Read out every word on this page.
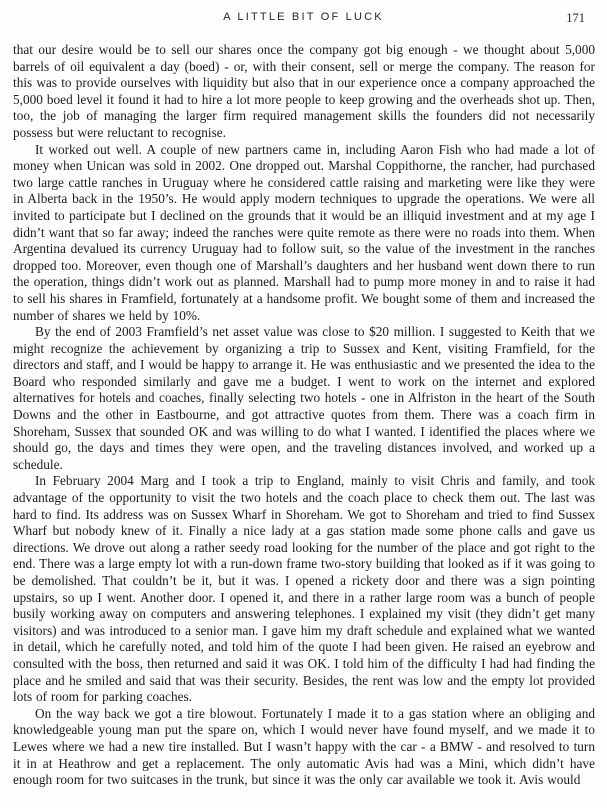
A LITTLE BIT OF LUCK	171

that our desire would be to sell our shares once the company got big enough - we thought about 5,000 barrels of oil equivalent a day (boed) - or, with their consent, sell or merge the company. The reason for this was to provide ourselves with liquidity but also that in our experience once a company approached the 5,000 boed level it found it had to hire a lot more people to keep growing and the overheads shot up. Then, too, the job of managing the larger firm required management skills the founders did not necessarily possess but were reluctant to recognise.

It worked out well. A couple of new partners came in, including Aaron Fish who had made a lot of money when Unican was sold in 2002. One dropped out. Marshal Coppithorne, the rancher, had purchased two large cattle ranches in Uruguay where he considered cattle raising and marketing were like they were in Alberta back in the 1950’s. He would apply modern techniques to upgrade the operations. We were all invited to participate but I declined on the grounds that it would be an illiquid investment and at my age I didn’t want that so far away; indeed the ranches were quite remote as there were no roads into them. When Argentina devalued its currency Uruguay had to follow suit, so the value of the investment in the ranches dropped too. Moreover, even though one of Marshall’s daughters and her husband went down there to run the operation, things didn’t work out as planned. Marshall had to pump more money in and to raise it had to sell his shares in Framfield, fortunately at a handsome profit. We bought some of them and increased the number of shares we held by 10%.

By the end of 2003 Framfield’s net asset value was close to $20 million. I suggested to Keith that we might recognize the achievement by organizing a trip to Sussex and Kent, visiting Framfield, for the directors and staff, and I would be happy to arrange it. He was enthusiastic and we presented the idea to the Board who responded similarly and gave me a budget. I went to work on the internet and explored alternatives for hotels and coaches, finally selecting two hotels - one in Alfriston in the heart of the South Downs and the other in Eastbourne, and got attractive quotes from them. There was a coach firm in Shoreham, Sussex that sounded OK and was willing to do what I wanted. I identified the places where we should go, the days and times they were open, and the traveling distances involved, and worked up a schedule.

In February 2004 Marg and I took a trip to England, mainly to visit Chris and family, and took advantage of the opportunity to visit the two hotels and the coach place to check them out. The last was hard to find. Its address was on Sussex Wharf in Shoreham. We got to Shoreham and tried to find Sussex Wharf but nobody knew of it. Finally a nice lady at a gas station made some phone calls and gave us directions. We drove out along a rather seedy road looking for the number of the place and got right to the end. There was a large empty lot with a run-down frame two-story building that looked as if it was going to be demolished. That couldn’t be it, but it was. I opened a rickety door and there was a sign pointing upstairs, so up I went. Another door. I opened it, and there in a rather large room was a bunch of people busily working away on computers and answering telephones. I explained my visit (they didn’t get many visitors) and was introduced to a senior man. I gave him my draft schedule and explained what we wanted in detail, which he carefully noted, and told him of the quote I had been given. He raised an eyebrow and consulted with the boss, then returned and said it was OK. I told him of the difficulty I had had finding the place and he smiled and said that was their security. Besides, the rent was low and the empty lot provided lots of room for parking coaches.

On the way back we got a tire blowout. Fortunately I made it to a gas station where an obliging and knowledgeable young man put the spare on, which I would never have found myself, and we made it to Lewes where we had a new tire installed. But I wasn’t happy with the car - a BMW - and resolved to turn it in at Heathrow and get a replacement. The only automatic Avis had was a Mini, which didn’t have enough room for two suitcases in the trunk, but since it was the only car available we took it. Avis would
